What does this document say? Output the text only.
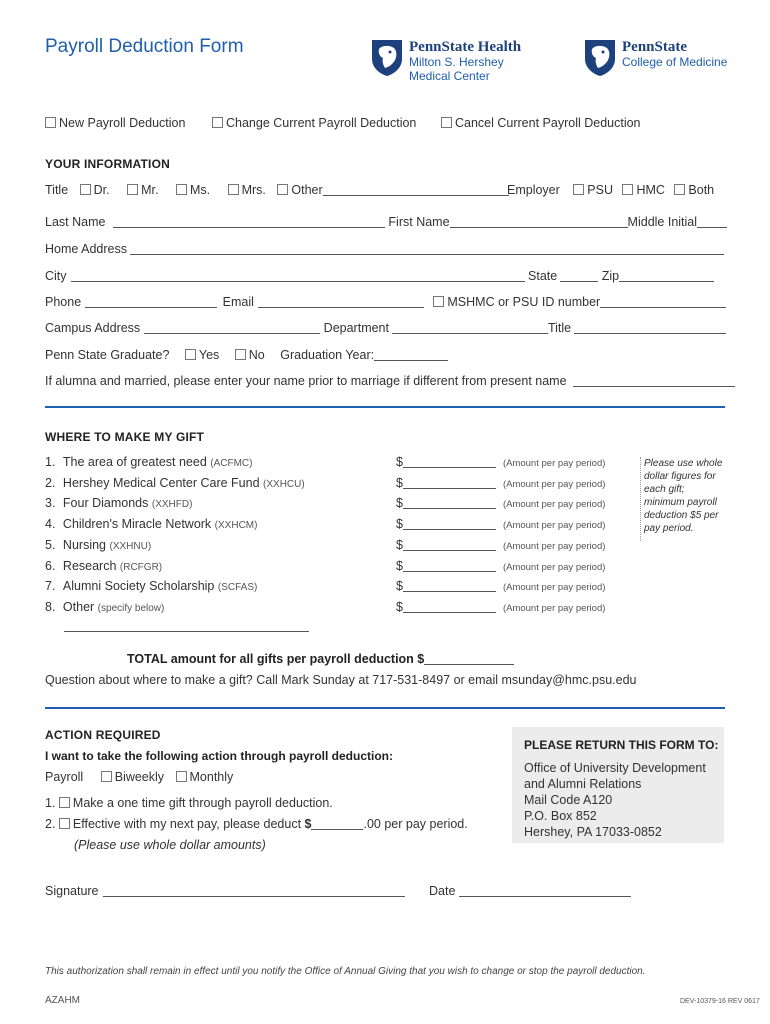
Payroll Deduction Form	PennState Health
Milton S. Hershey
Medical Center
PennState
College of Medicine
New Payroll Deduction	Change Current Payroll Deduction	Cancel Current Payroll Deduction
YOUR INFORMATION
Title Dr.	Mr.	Ms.	Mrs. Other	Employer PSU HMC Both
Last Name	First Name	Middle Initial
Home Address
City	State	Zip
Phone	Email	MSHMC or PSU ID number
Campus Address	Department	Title
Penn State Graduate? Yes No Graduation Year:
If alumna and married, please enter your name prior to marriage if different from present name
WHERE TO MAKE MY GIFT
1. The area of greatest need (ACFMC)	$	(Amount per pay period)
2. Hershey Medical Center Care Fund (XXHCU)	$	(Amount per pay period)
3. Four Diamonds (XXHFD)	$	(Amount per pay period)
4. Children's Miracle Network (XXHCM)	$	(Amount per pay period)
5. Nursing (XXHNU)	$	(Amount per pay period)
6. Research (RCFGR)	$	(Amount per pay period)
7. Alumni Society Scholarship (SCFAS)	$	(Amount per pay period)
8. Other (specify below)	$	(Amount per pay period)
Please use whole dollar figures for each gift; minimum payroll deduction $5 per pay period.
TOTAL amount for all gifts per payroll deduction $
Question about where to make a gift? Call Mark Sunday at 717-531-8497 or email msunday@hmc.psu.edu
ACTION REQUIRED
I want to take the following action through payroll deduction:
Payroll	Biweekly Monthly
1. Make a one time gift through payroll deduction.
2. Effective with my next pay, please deduct $	.00 per pay period.
(Please use whole dollar amounts)
PLEASE RETURN THIS FORM TO:
Office of University Development
and Alumni Relations
Mail Code A120
P.O. Box 852
Hershey, PA 17033-0852
Signature	Date
This authorization shall remain in effect until you notify the Office of Annual Giving that you wish to change or stop the payroll deduction.
AZAHM	DEV-10379-16 REV 0617
